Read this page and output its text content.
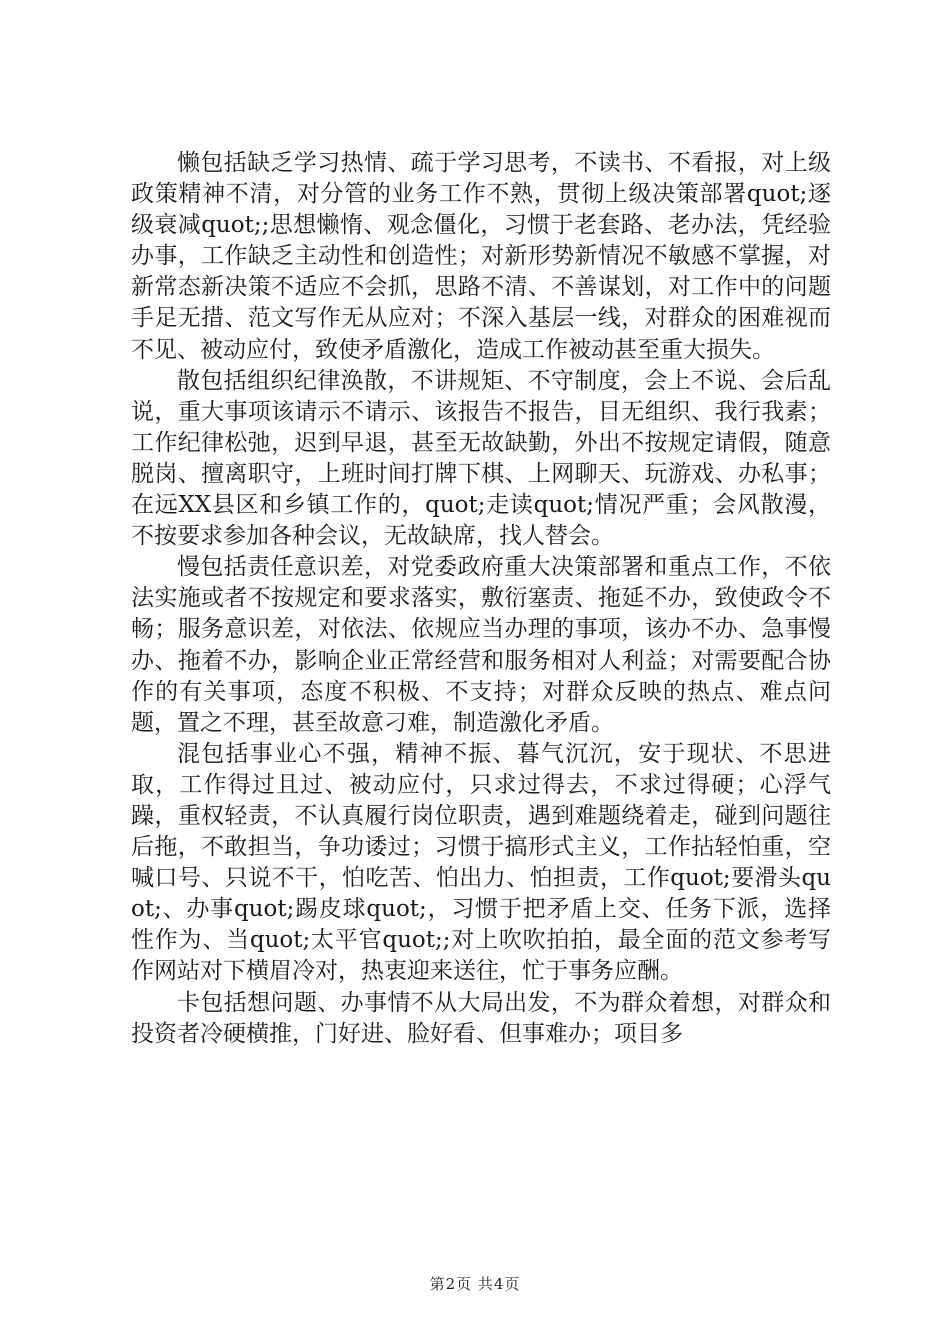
懒包括缺乏学习热情、疏于学习思考，不读书、不看报，对上级政策精神不清，对分管的业务工作不熟，贯彻上级决策部署quot;逐级衰减quot;;思想懒惰、观念僵化，习惯于老套路、老办法，凭经验办事，工作缺乏主动性和创造性；对新形势新情况不敏感不掌握，对新常态新决策不适应不会抓，思路不清、不善谋划，对工作中的问题手足无措、范文写作无从应对；不深入基层一线，对群众的困难视而不见、被动应付，致使矛盾激化，造成工作被动甚至重大损失。

散包括组织纪律涣散，不讲规矩、不守制度，会上不说、会后乱说，重大事项该请示不请示、该报告不报告，目无组织、我行我素；工作纪律松弛，迟到早退，甚至无故缺勤，外出不按规定请假，随意脱岗、擅离职守，上班时间打牌下棋、上网聊天、玩游戏、办私事；在远XX县区和乡镇工作的，quot;走读quot;情况严重；会风散漫，不按要求参加各种会议，无故缺席，找人替会。

慢包括责任意识差，对党委政府重大决策部署和重点工作，不依法实施或者不按规定和要求落实，敷衍塞责、拖延不办，致使政令不畅；服务意识差，对依法、依规应当办理的事项，该办不办、急事慢办、拖着不办，影响企业正常经营和服务相对人利益；对需要配合协作的有关事项，态度不积极、不支持；对群众反映的热点、难点问题，置之不理，甚至故意刁难，制造激化矛盾。

混包括事业心不强，精神不振、暮气沉沉，安于现状、不思进取，工作得过且过、被动应付，只求过得去，不求过得硬；心浮气躁，重权轻责，不认真履行岗位职责，遇到难题绕着走，碰到问题往后拖，不敢担当，争功诿过；习惯于搞形式主义，工作拈轻怕重，空喊口号、只说不干，怕吃苦、怕出力、怕担责，工作quot;要滑头quot;、办事quot;踢皮球quot;，习惯于把矛盾上交、任务下派，选择性作为、当quot;太平官quot;;对上吹吹拍拍，最全面的范文参考写作网站对下横眉冷对，热衷迎来送往，忙于事务应酬。

卡包括想问题、办事情不从大局出发，不为群众着想，对群众和投资者冷硬横推，门好进、脸好看、但事难办；项目多

第2页 共4页
